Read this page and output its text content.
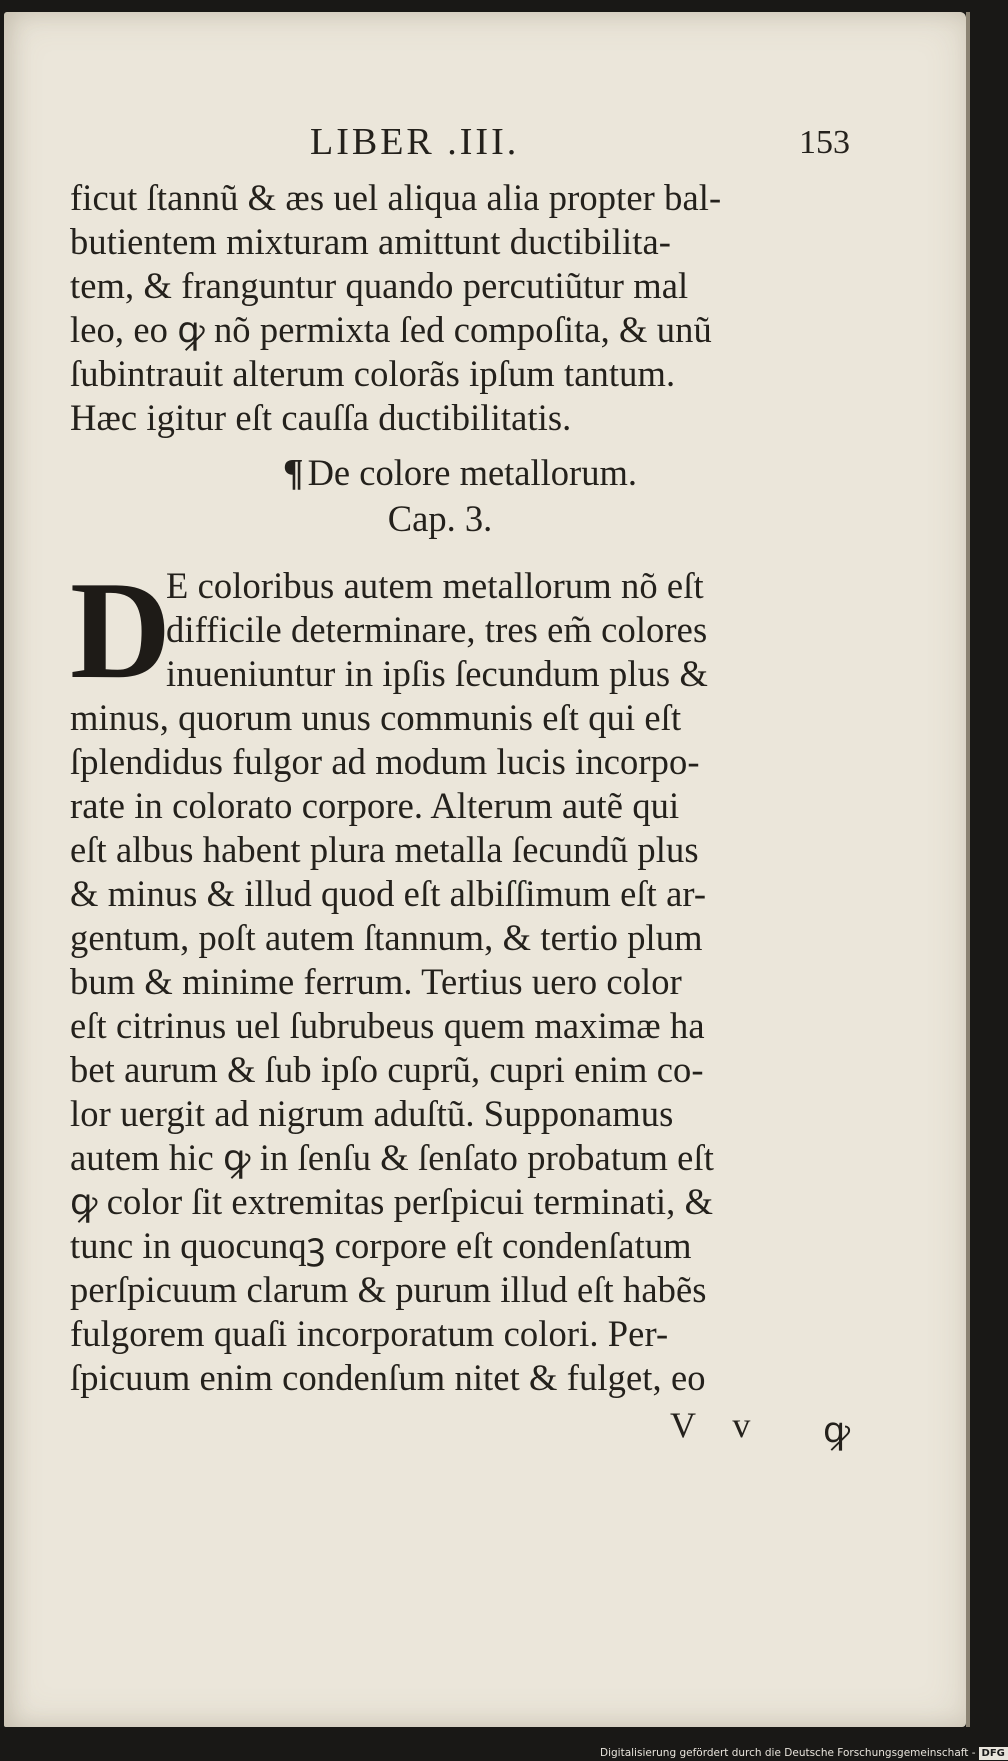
LIBER .III.	153
ficut ſtannũ & æs uel aliqua alia propter bal-
butientem mixturam amittunt ductibilita-
tem, & franguntur quando percutiũtur mal
leo, eo ꝙ nõ permixta ſed compoſita, & unũ
ſubintrauit alterum colorãs ipſum tantum.
Hæc igitur eſt cauſſa ductibilitatis.
¶ De colore metallorum.
Cap. 3.
D
E coloribus autem metallorum nõ eſt
difficile determinare, tres em̃ colores
inueniuntur in ipſis ſecundum plus &
minus, quorum unus communis eſt qui eſt
ſplendidus fulgor ad modum lucis incorpo-
rate in colorato corpore. Alterum autẽ qui
eſt albus habent plura metalla ſecundũ plus
& minus & illud quod eſt albiſſimum eſt ar-
gentum, poſt autem ſtannum, & tertio plum
bum & minime ferrum. Tertius uero color
eſt citrinus uel ſubrubeus quem maximæ ha
bet aurum & ſub ipſo cuprũ, cupri enim co-
lor uergit ad nigrum aduſtũ. Supponamus
autem hic ꝙ in ſenſu & ſenſato probatum eſt
ꝙ color ſit extremitas perſpicui terminati, &
tunc in quocunqꝫ corpore eſt condenſatum
perſpicuum clarum & purum illud eſt habẽs
fulgorem quaſi incorporatum colori. Per-
ſpicuum enim condenſum nitet & fulget, eo
V v ꝙ
Digitalisierung gefördert durch die Deutsche Forschungsgemeinschaft - DFG
